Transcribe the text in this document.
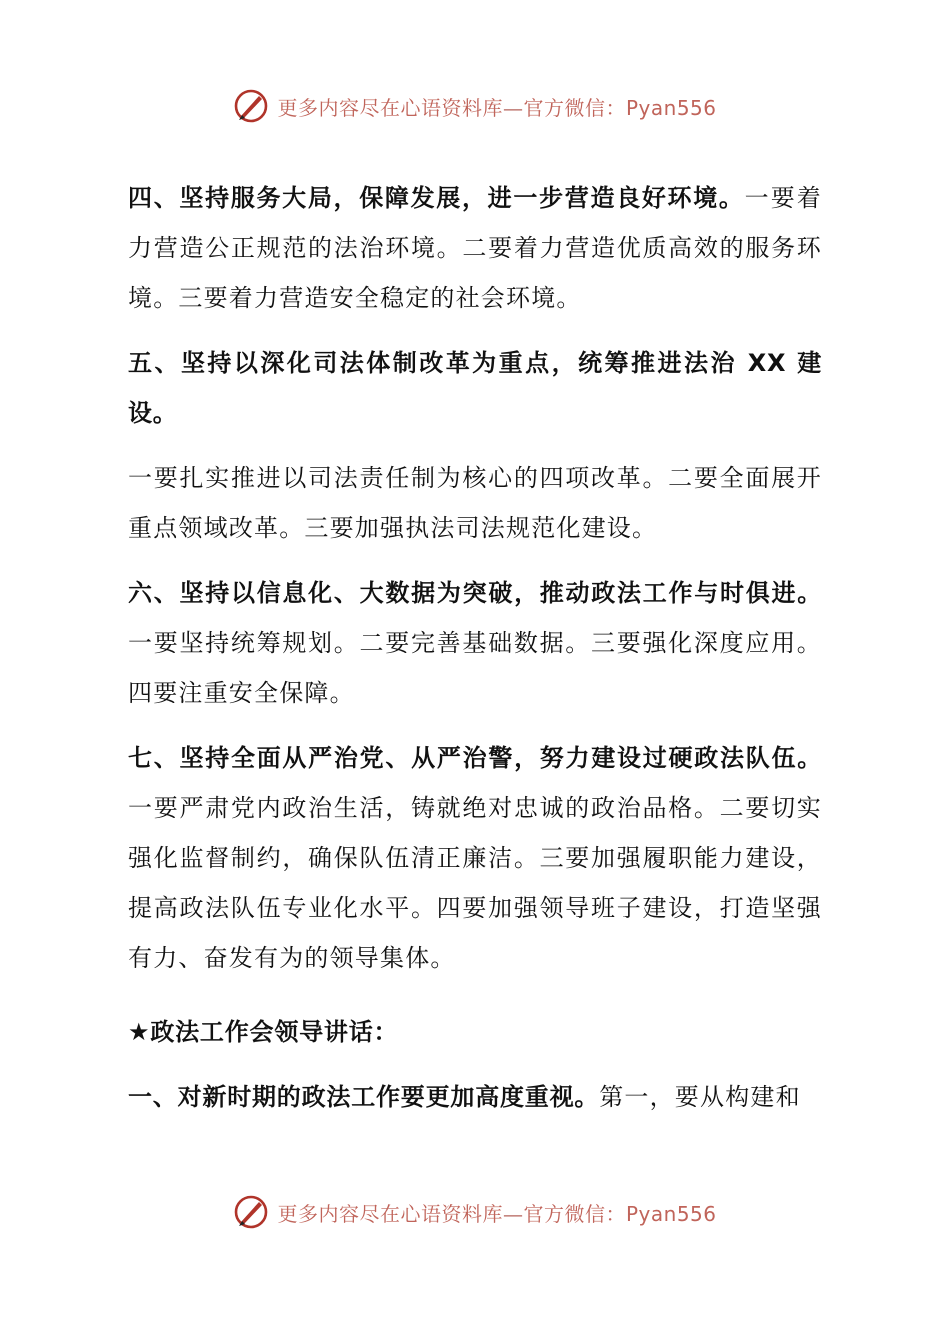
更多内容尽在心语资料库—官方微信：Pyan556

四、坚持服务大局，保障发展，进一步营造良好环境。一要着力营造公正规范的法治环境。二要着力营造优质高效的服务环境。三要着力营造安全稳定的社会环境。

五、坚持以深化司法体制改革为重点，统筹推进法治 XX 建设。

一要扎实推进以司法责任制为核心的四项改革。二要全面展开重点领域改革。三要加强执法司法规范化建设。

六、坚持以信息化、大数据为突破，推动政法工作与时俱进。一要坚持统筹规划。二要完善基础数据。三要强化深度应用。四要注重安全保障。

七、坚持全面从严治党、从严治警，努力建设过硬政法队伍。一要严肃党内政治生活，铸就绝对忠诚的政治品格。二要切实强化监督制约，确保队伍清正廉洁。三要加强履职能力建设，提高政法队伍专业化水平。四要加强领导班子建设，打造坚强有力、奋发有为的领导集体。

★政法工作会领导讲话：

一、对新时期的政法工作要更加高度重视。第一，要从构建和

更多内容尽在心语资料库—官方微信：Pyan556
